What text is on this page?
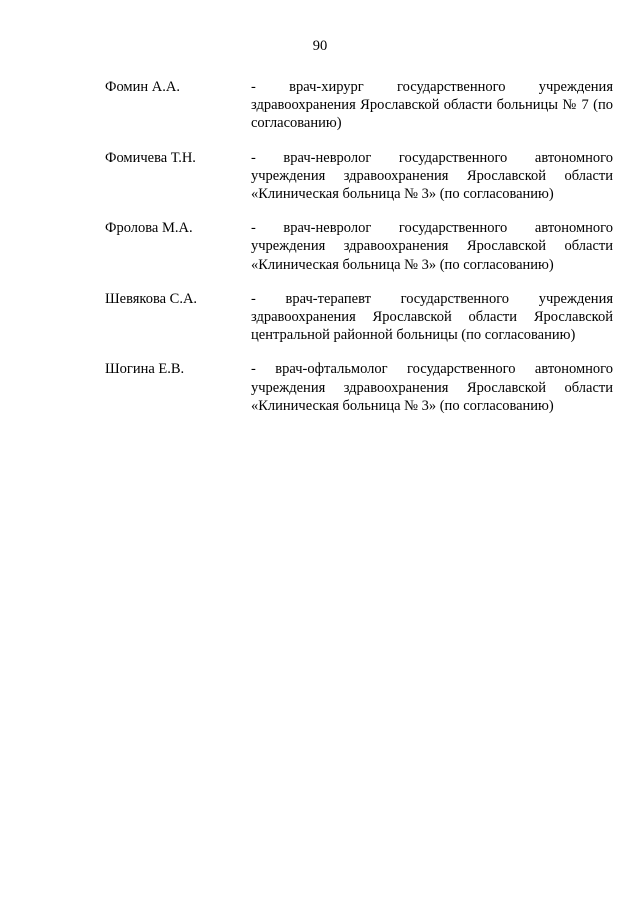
90
Фомин А.А.	- врач-хирург государственного учреждения здравоохранения Ярославской области больницы № 7 (по согласованию)
Фомичева Т.Н.	- врач-невролог государственного автономного учреждения здравоохранения Ярославской области «Клиническая больница № 3» (по согласованию)
Фролова М.А.	- врач-невролог государственного автономного учреждения здравоохранения Ярославской области «Клиническая больница № 3» (по согласованию)
Шевякова С.А.	- врач-терапевт государственного учреждения здравоохранения Ярославской области Ярославской центральной районной больницы (по согласованию)
Шогина Е.В.	- врач-офтальмолог государственного автономного учреждения здравоохранения Ярославской области «Клиническая больница № 3» (по согласованию)
